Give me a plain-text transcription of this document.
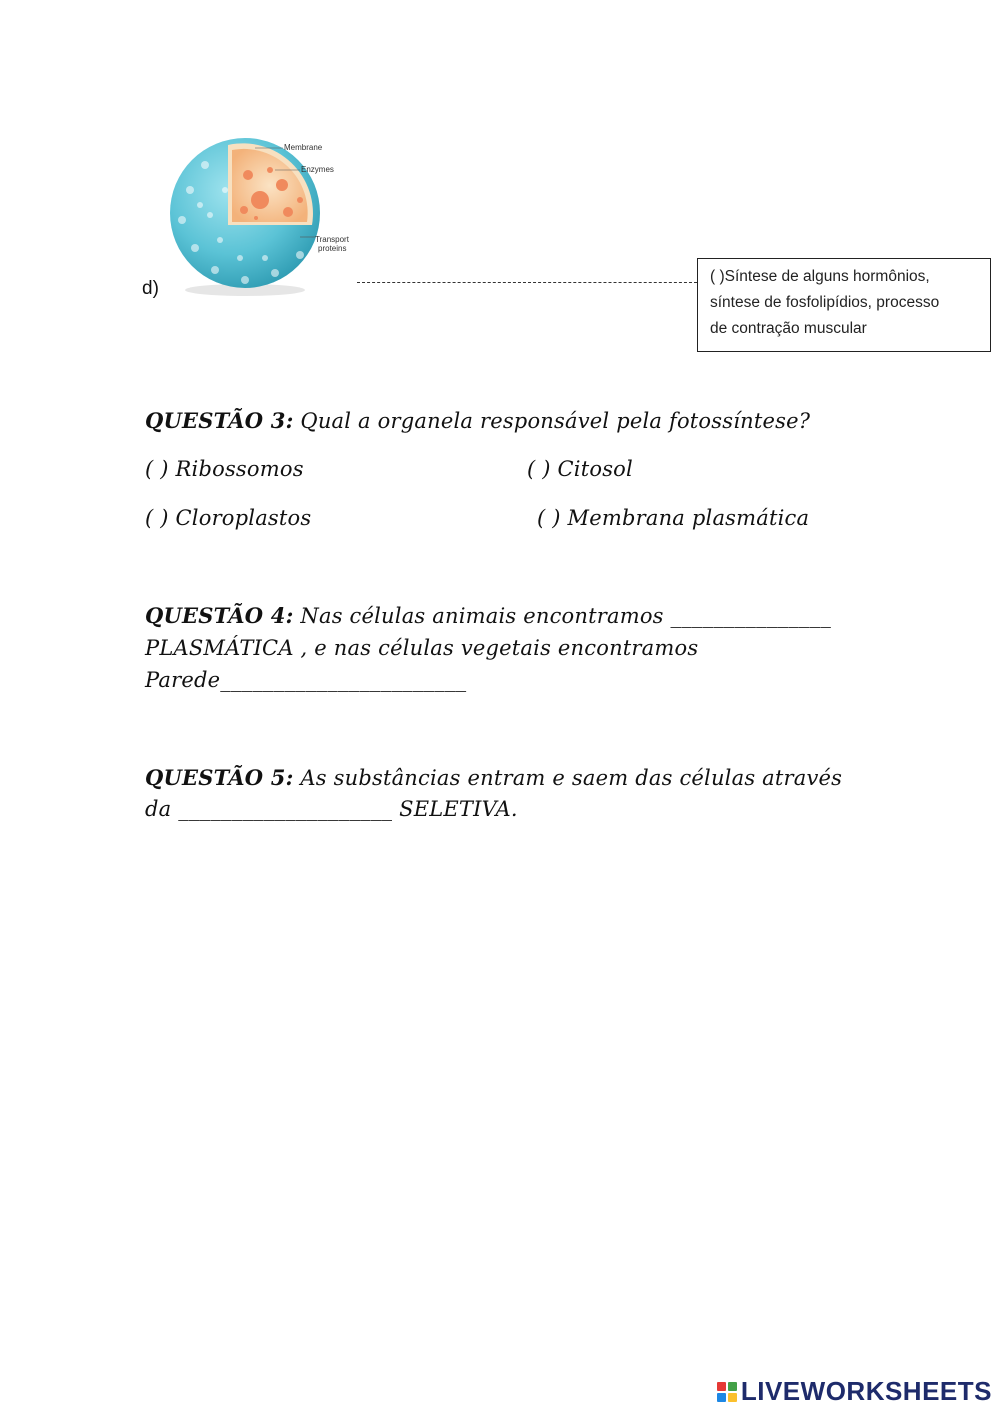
Membrane
Enzymes
Transport
proteins
d)
( )Síntese de alguns hormônios,
síntese de fosfolipídios, processo
de contração muscular
QUESTÃO 3: Qual a organela responsável pela fotossíntese?
( ) Ribossomos	( ) Citosol
( ) Cloroplastos	( ) Membrana plasmática
QUESTÃO 4: Nas células animais encontramos _______________
PLASMÁTICA , e nas células vegetais encontramos
Parede_______________________
QUESTÃO 5: As substâncias entram e saem das células através
da ____________________ SELETIVA.
LIVEWORKSHEETS
